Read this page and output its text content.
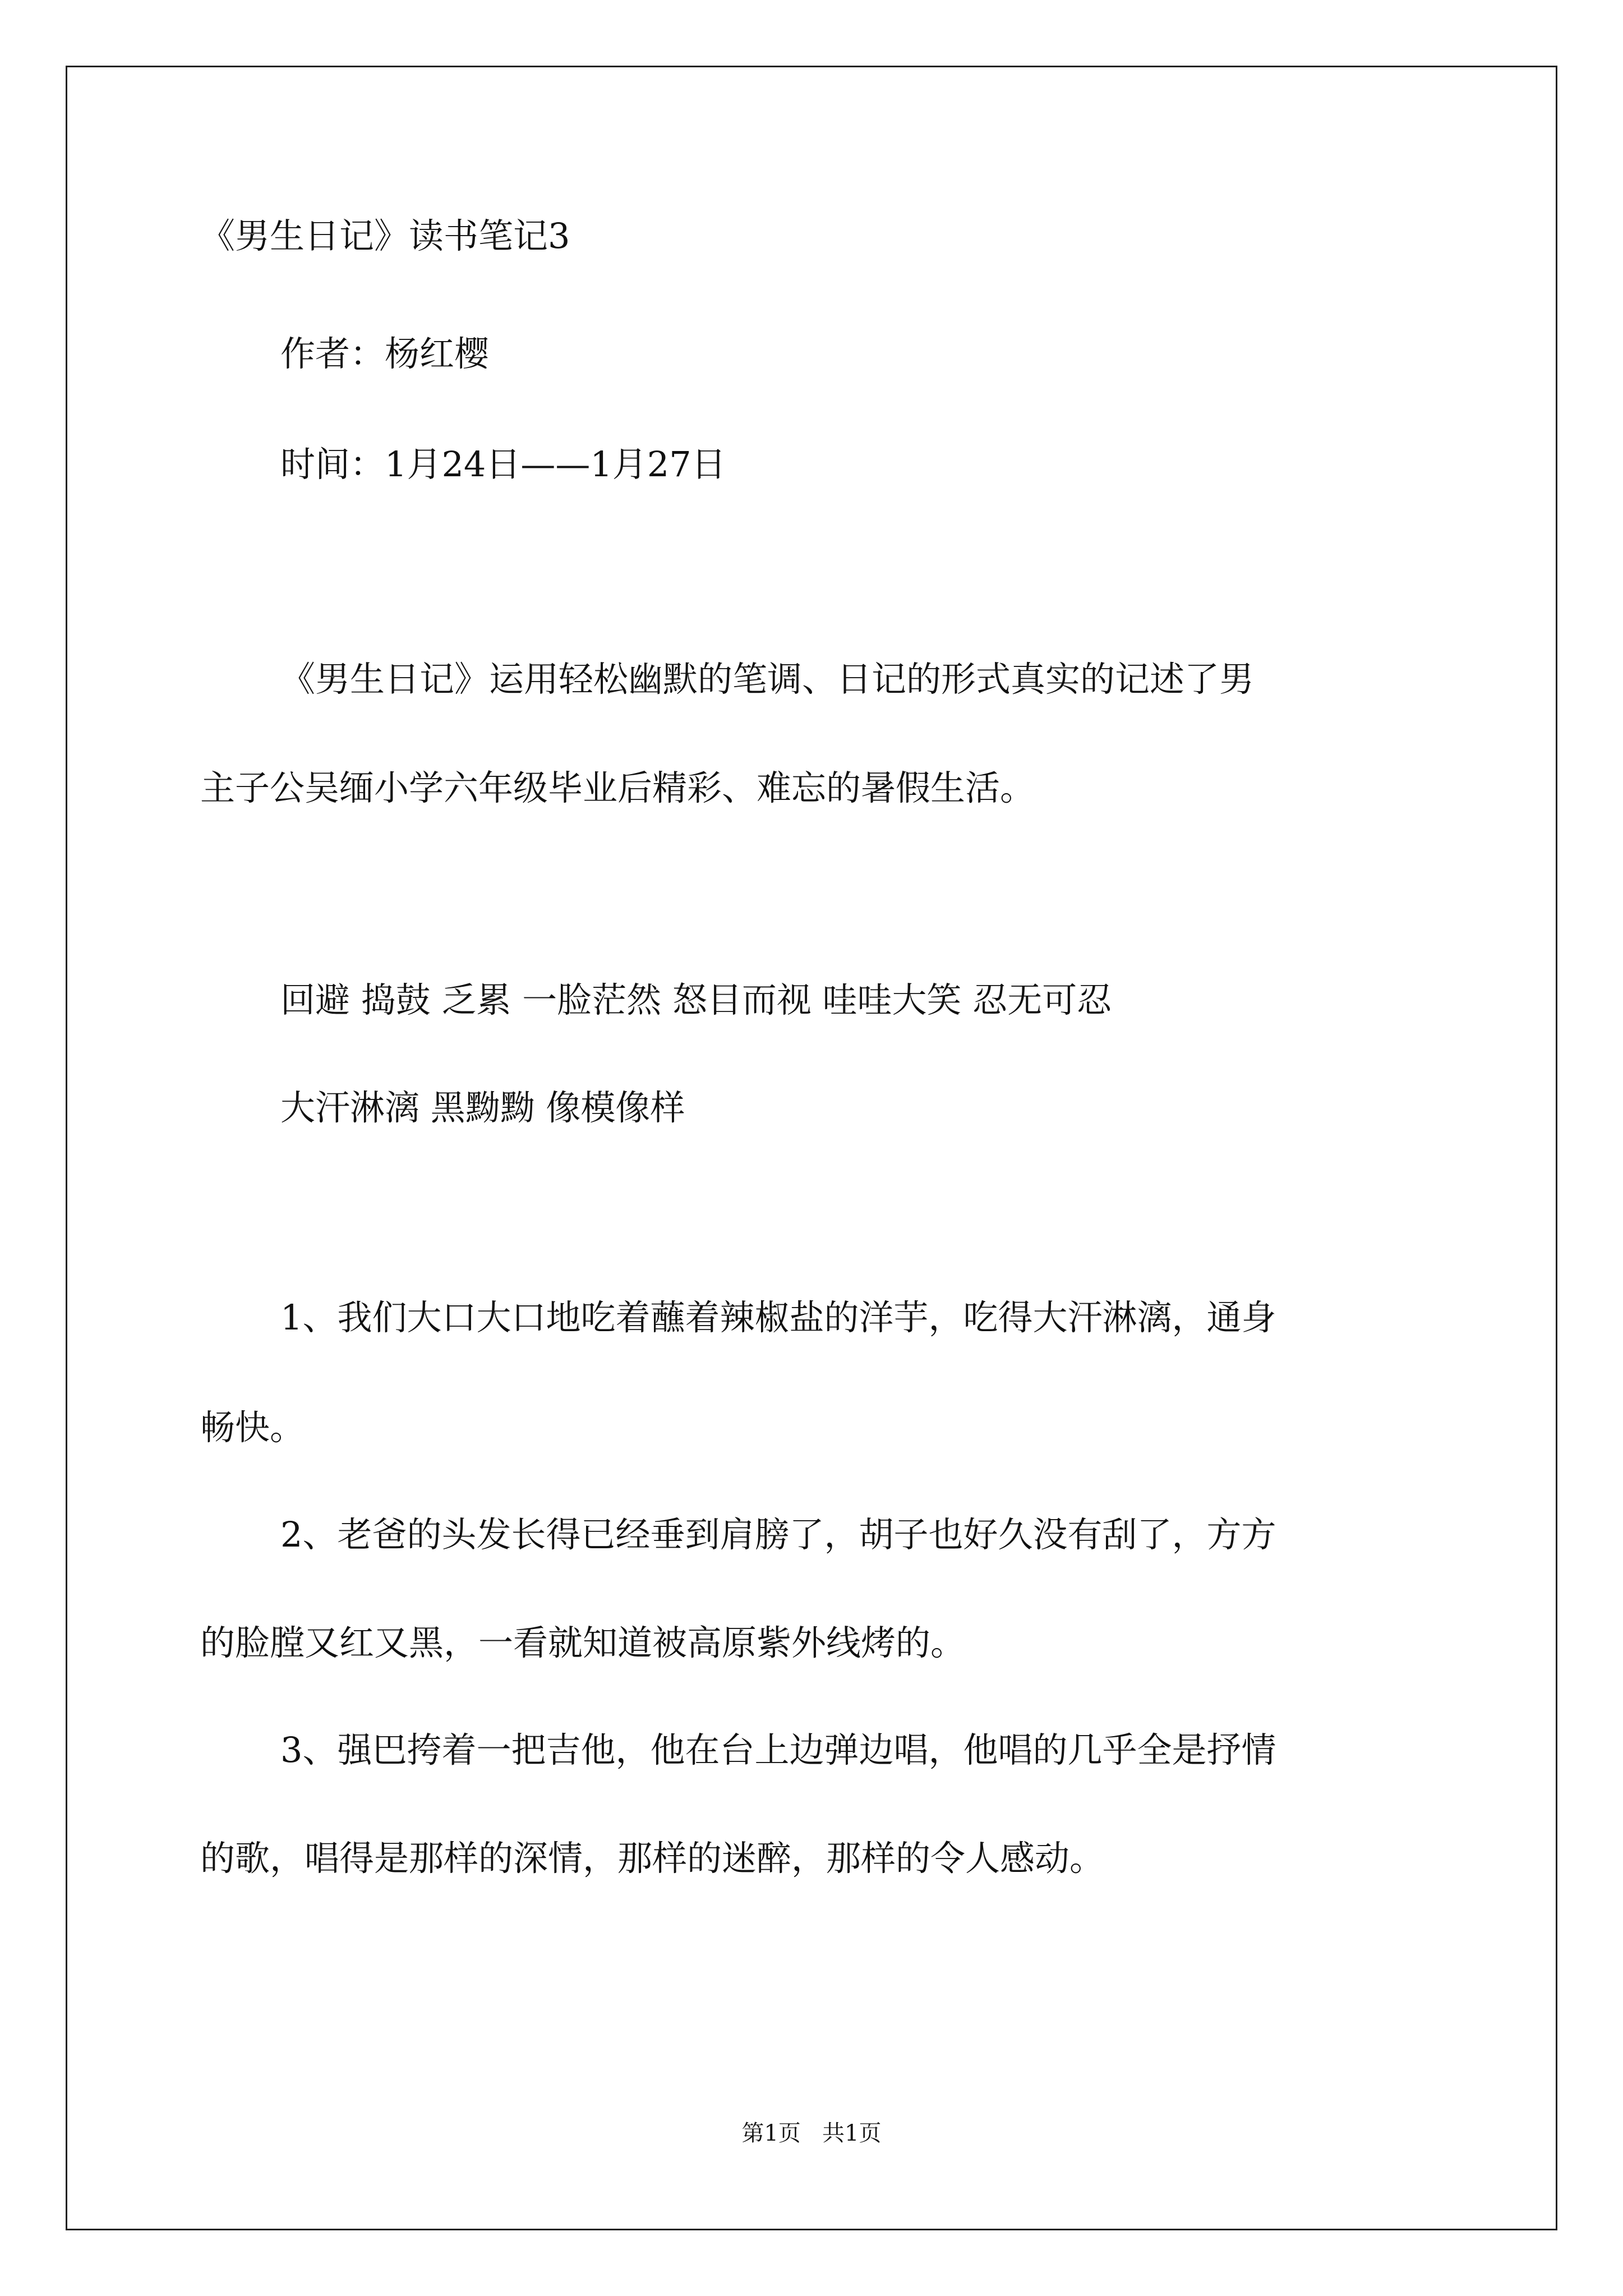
《男生日记》读书笔记3
作者：杨红樱
时间：1月24日——1月27日
《男生日记》运用轻松幽默的笔调、日记的形式真实的记述了男
主子公吴缅小学六年级毕业后精彩、难忘的暑假生活。
回避 捣鼓 乏累 一脸茫然 怒目而视 哇哇大笑 忍无可忍
大汗淋漓 黑黝黝 像模像样
1、我们大口大口地吃着蘸着辣椒盐的洋芋，吃得大汗淋漓，通身
畅快。
2、老爸的头发长得已经垂到肩膀了，胡子也好久没有刮了，方方
的脸膛又红又黑，一看就知道被高原紫外线烤的。
3、强巴挎着一把吉他，他在台上边弹边唱，他唱的几乎全是抒情
的歌，唱得是那样的深情，那样的迷醉，那样的令人感动。
第1页   共1页
